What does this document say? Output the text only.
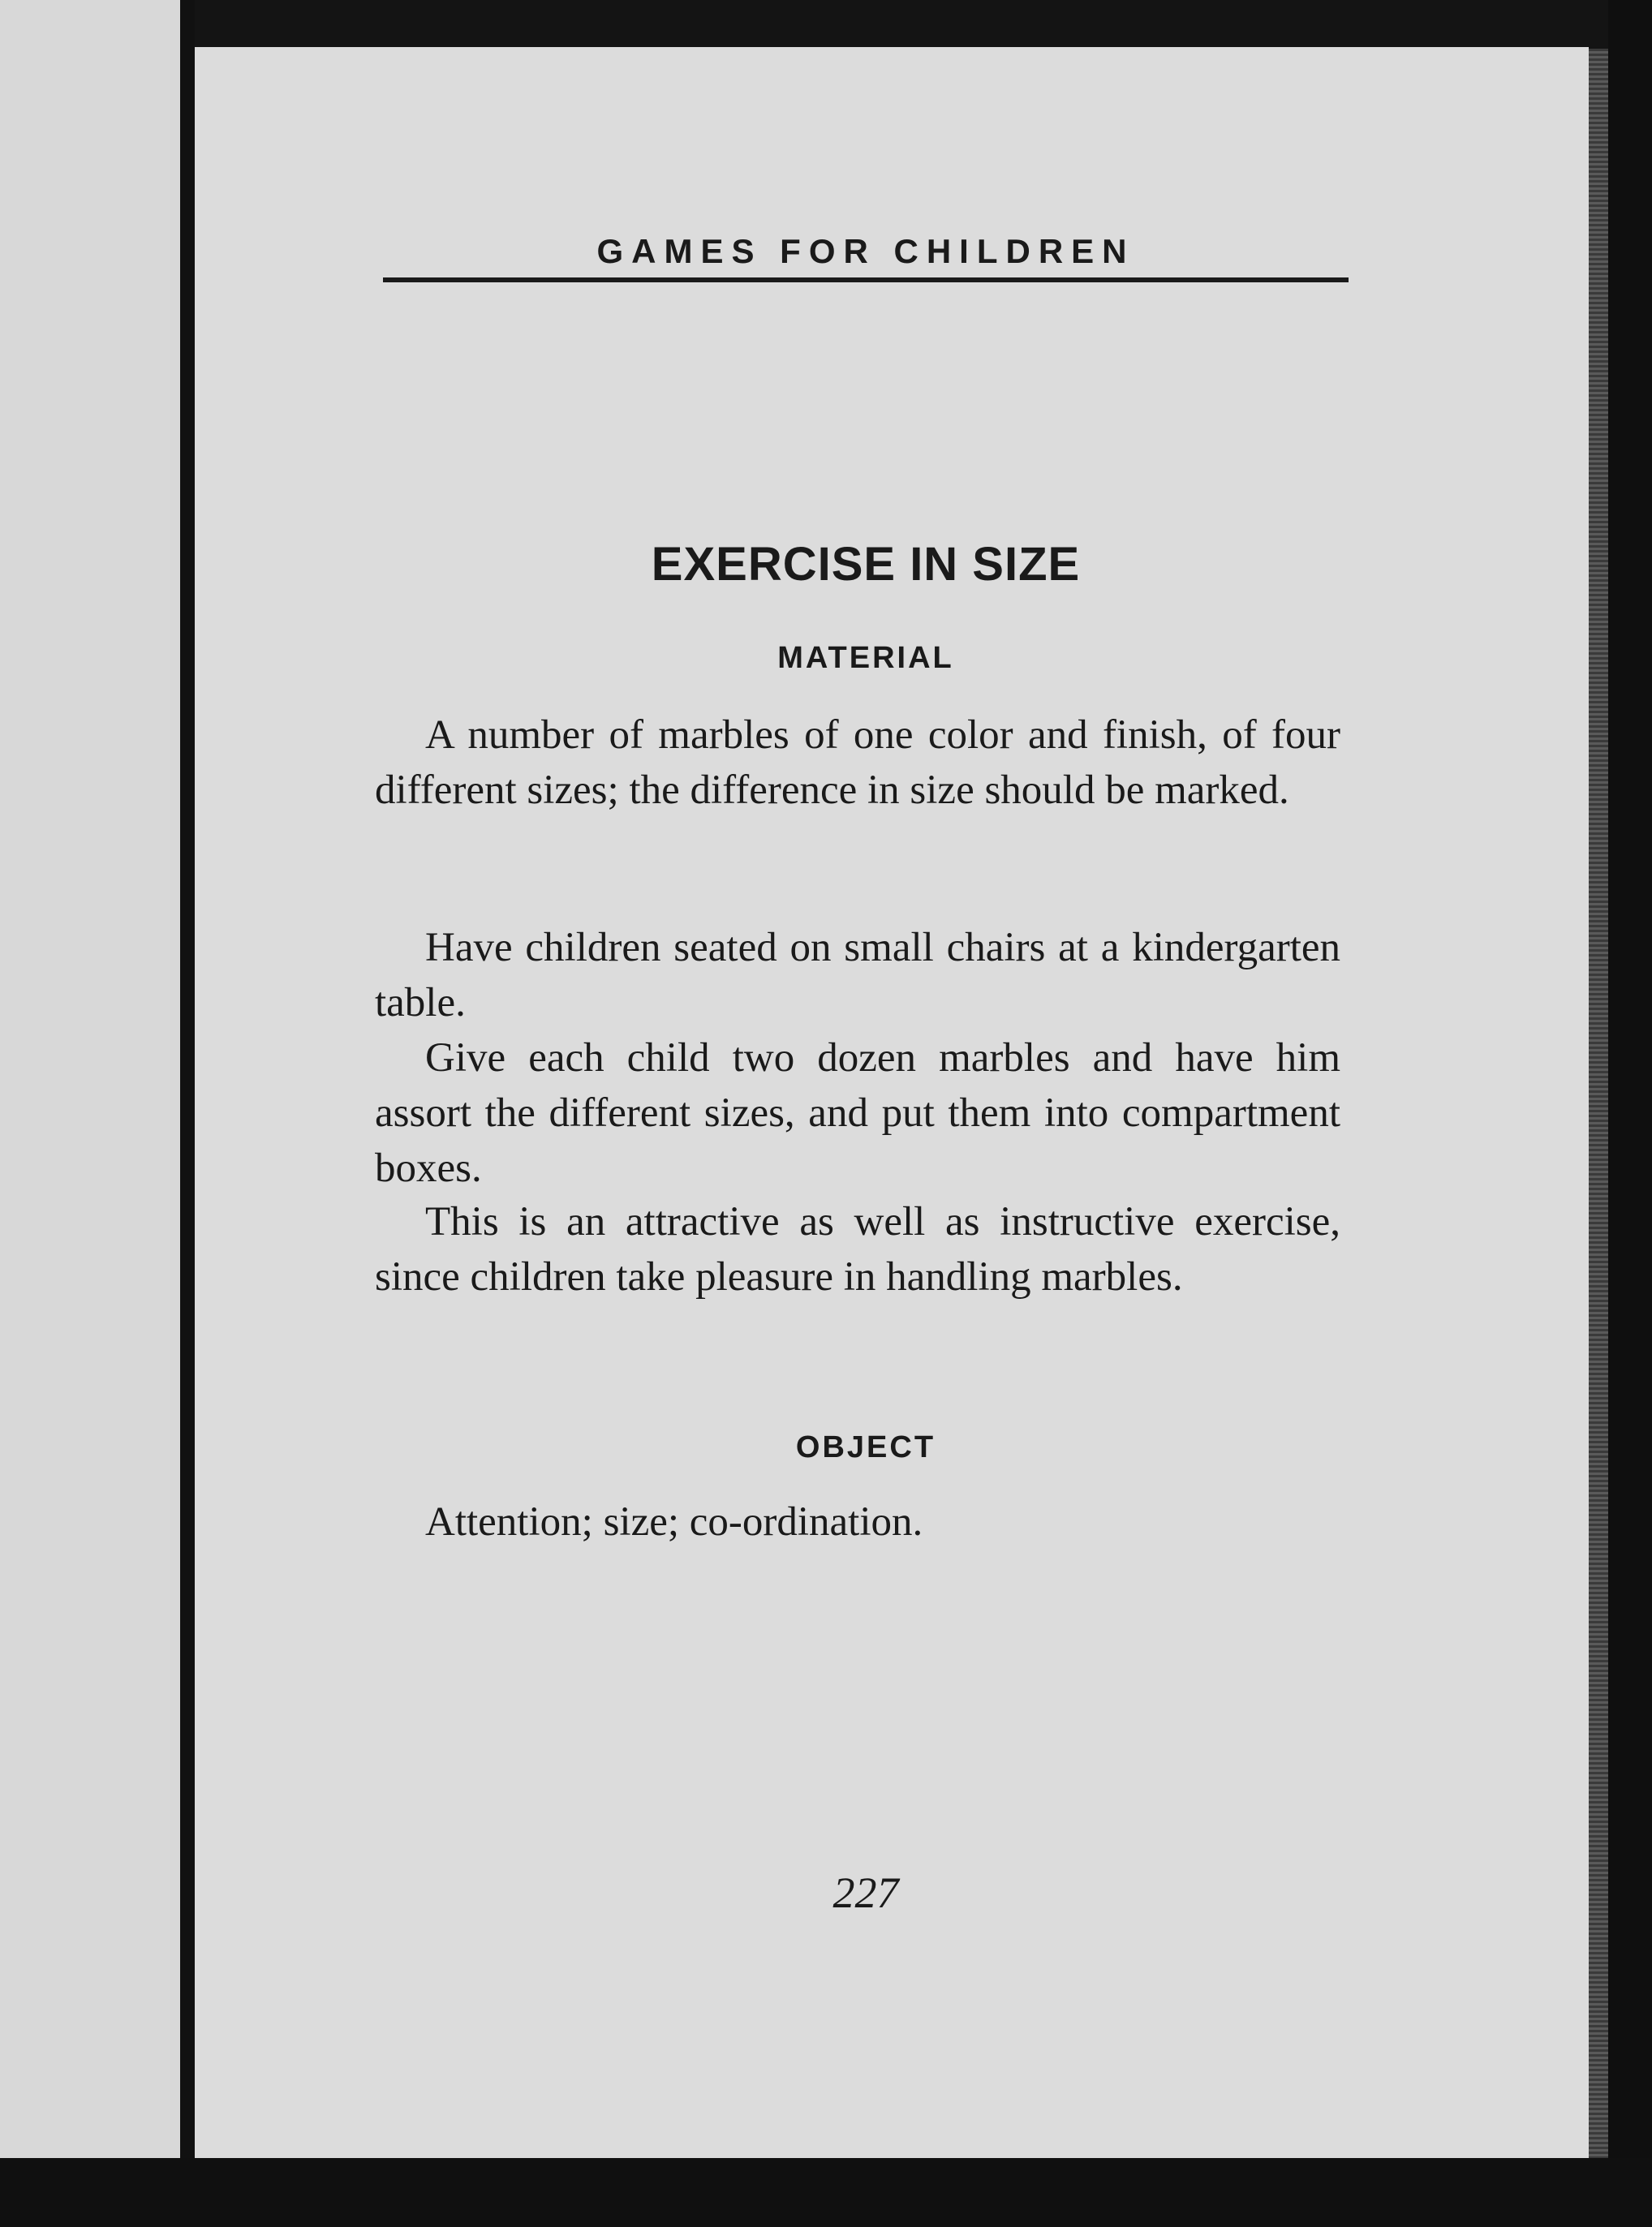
GAMES FOR CHILDREN
EXERCISE IN SIZE
MATERIAL

A number of marbles of one color and finish, of four different sizes; the difference in size should be marked.

Have children seated on small chairs at a kindergarten table.

Give each child two dozen marbles and have him assort the different sizes, and put them into compartment boxes.

This is an attractive as well as instructive exercise, since children take pleasure in handling marbles.

OBJECT

Attention; size; co-ordination.

227
